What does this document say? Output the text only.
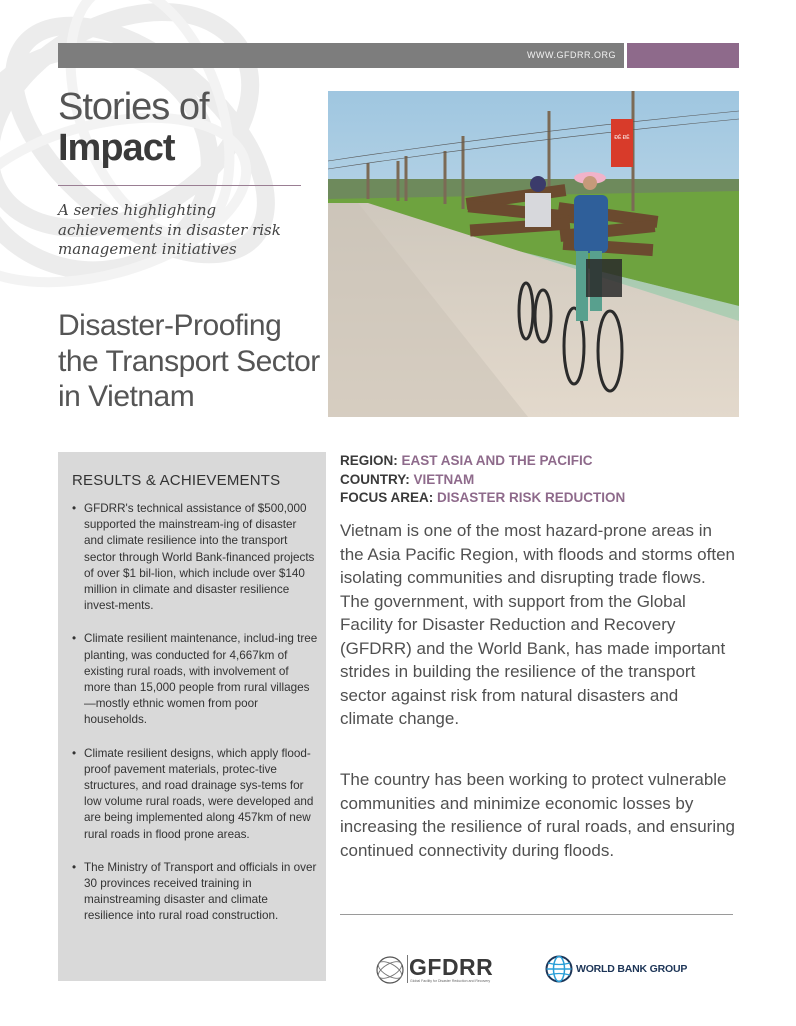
WWW.GFDRR.ORG
Stories of
Impact
A series highlighting achievements in disaster risk management initiatives
Disaster-Proofing the Transport Sector in Vietnam
ĐÊ ĐÊ
RESULTS & ACHIEVEMENTS
• GFDRR's technical assistance of $500,000 supported the mainstream-ing of disaster and climate resilience into the transport sector through World Bank-financed projects of over $1 bil-lion, which include over $140 million in climate and disaster resilience invest-ments.
• Climate resilient maintenance, includ-ing tree planting, was conducted for 4,667km of existing rural roads, with involvement of more than 15,000 people from rural villages—mostly ethnic women from poor households.
• Climate resilient designs, which apply flood-proof pavement materials, protec-tive structures, and road drainage sys-tems for low volume rural roads, were developed and are being implemented along 457km of new rural roads in flood prone areas.
• The Ministry of Transport and officials in over 30 provinces received training in mainstreaming disaster and climate resilience into rural road construction.
REGION: EAST ASIA AND THE PACIFIC
COUNTRY: VIETNAM
FOCUS AREA: DISASTER RISK REDUCTION

Vietnam is one of the most hazard-prone areas in the Asia Pacific Region, with floods and storms often isolating communities and disrupting trade flows. The government, with support from the Global Facility for Disaster Reduction and Recovery (GFDRR) and the World Bank, has made important strides in building the resilience of the transport sector against risk from natural disasters and climate change.

The country has been working to protect vulnerable communities and minimize economic losses by increasing the resilience of rural roads, and ensuring continued connectivity during floods.

GFDRR
Global Facility for Disaster Reduction and Recovery
WORLD BANK GROUP
